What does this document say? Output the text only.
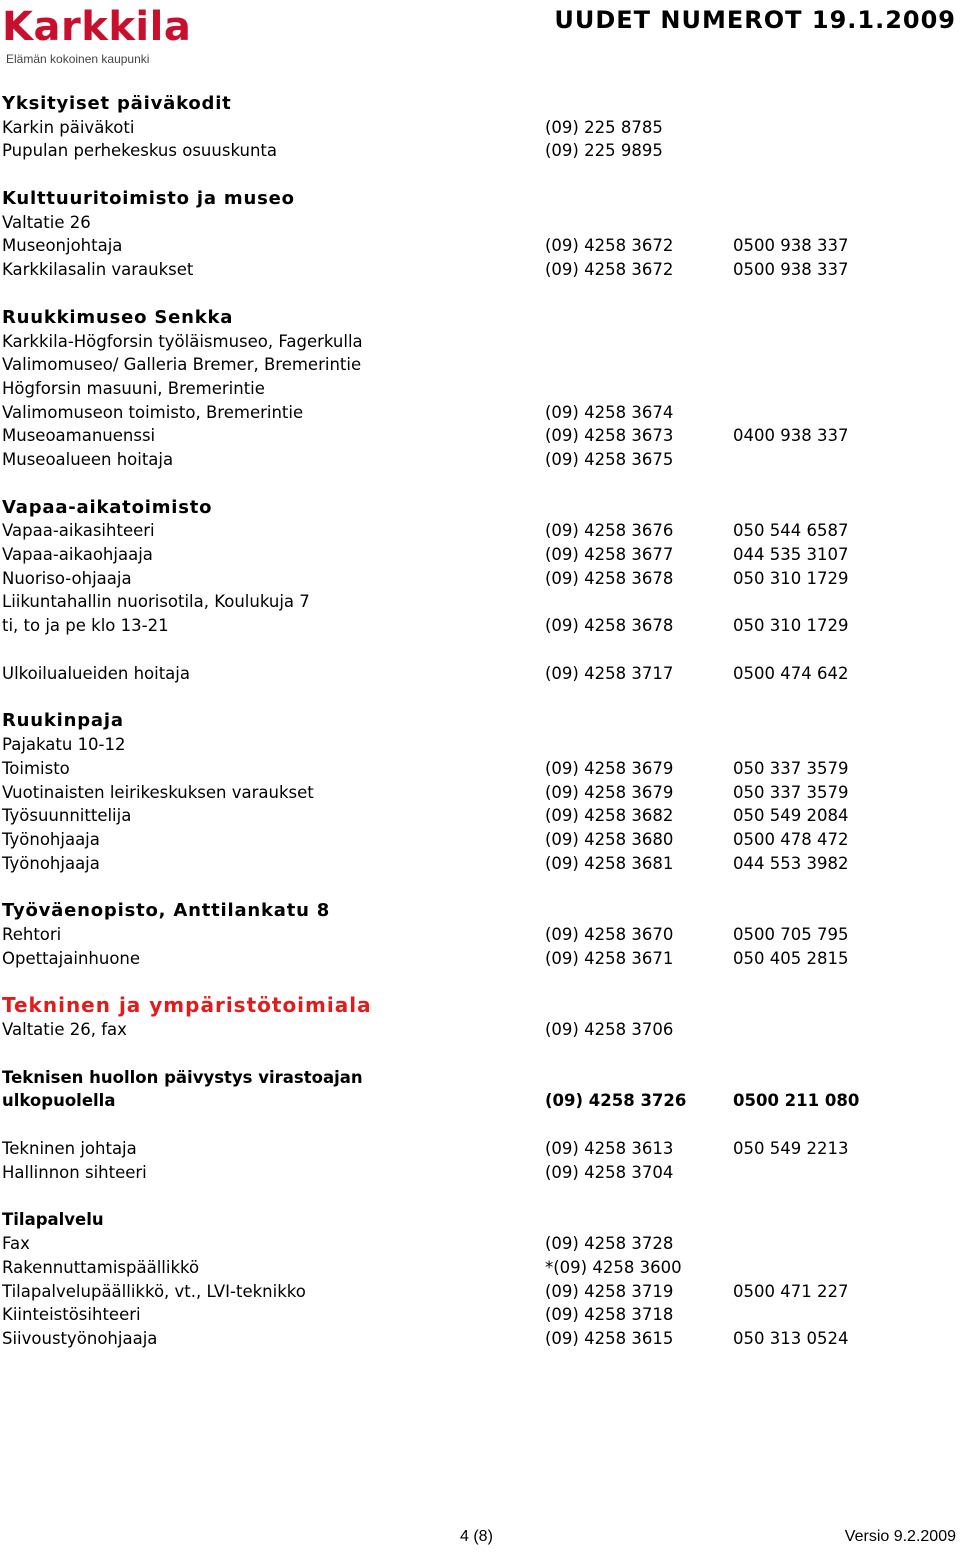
Karkkila
Elämän kokoinen kaupunki
UUDET NUMEROT 19.1.2009
Yksityiset päiväkodit
Karkin päiväkoti	(09) 225 8785
Pupulan perhekeskus osuuskunta	(09) 225 9895
Kulttuuritoimisto ja museo
Valtatie 26
Museonjohtaja	(09) 4258 3672	0500 938 337
Karkkilasalin varaukset	(09) 4258 3672	0500 938 337
Ruukkimuseo Senkka
Karkkila-Högforsin työläismuseo, Fagerkulla
Valimomuseo/ Galleria Bremer, Bremerintie
Högforsin masuuni, Bremerintie
Valimomuseon toimisto, Bremerintie	(09) 4258 3674
Museoamanuenssi	(09) 4258 3673	0400 938 337
Museoalueen hoitaja	(09) 4258 3675
Vapaa-aikatoimisto
Vapaa-aikasihteeri	(09) 4258 3676	050 544 6587
Vapaa-aikaohjaaja	(09) 4258 3677	044 535 3107
Nuoriso-ohjaaja	(09) 4258 3678	050 310 1729
Liikuntahallin nuorisotila, Koulukuja 7
ti, to ja pe klo 13-21	(09) 4258 3678	050 310 1729
Ulkoilualueiden hoitaja	(09) 4258 3717	0500 474 642
Ruukinpaja
Pajakatu 10-12
Toimisto	(09) 4258 3679	050 337 3579
Vuotinaisten leirikeskuksen varaukset	(09) 4258 3679	050 337 3579
Työsuunnittelija	(09) 4258 3682	050 549 2084
Työnohjaaja	(09) 4258 3680	0500 478 472
Työnohjaaja	(09) 4258 3681	044 553 3982
Työväenopisto, Anttilankatu 8
Rehtori	(09) 4258 3670	0500 705 795
Opettajainhuone	(09) 4258 3671	050 405 2815
Tekninen ja ympäristötoimiala
Valtatie 26, fax	(09) 4258 3706
Teknisen huollon päivystys virastoajan
ulkopuolella	(09) 4258 3726	0500 211 080
Tekninen johtaja	(09) 4258 3613	050 549 2213
Hallinnon sihteeri	(09) 4258 3704
Tilapalvelu
Fax	(09) 4258 3728
Rakennuttamispäällikkö	*(09) 4258 3600
Tilapalvelupäällikkö, vt., LVI-teknikko	(09) 4258 3719	0500 471 227
Kiinteistösihteeri	(09) 4258 3718
Siivoustyönohjaaja	(09) 4258 3615	050 313 0524
4 (8)	Versio 9.2.2009
